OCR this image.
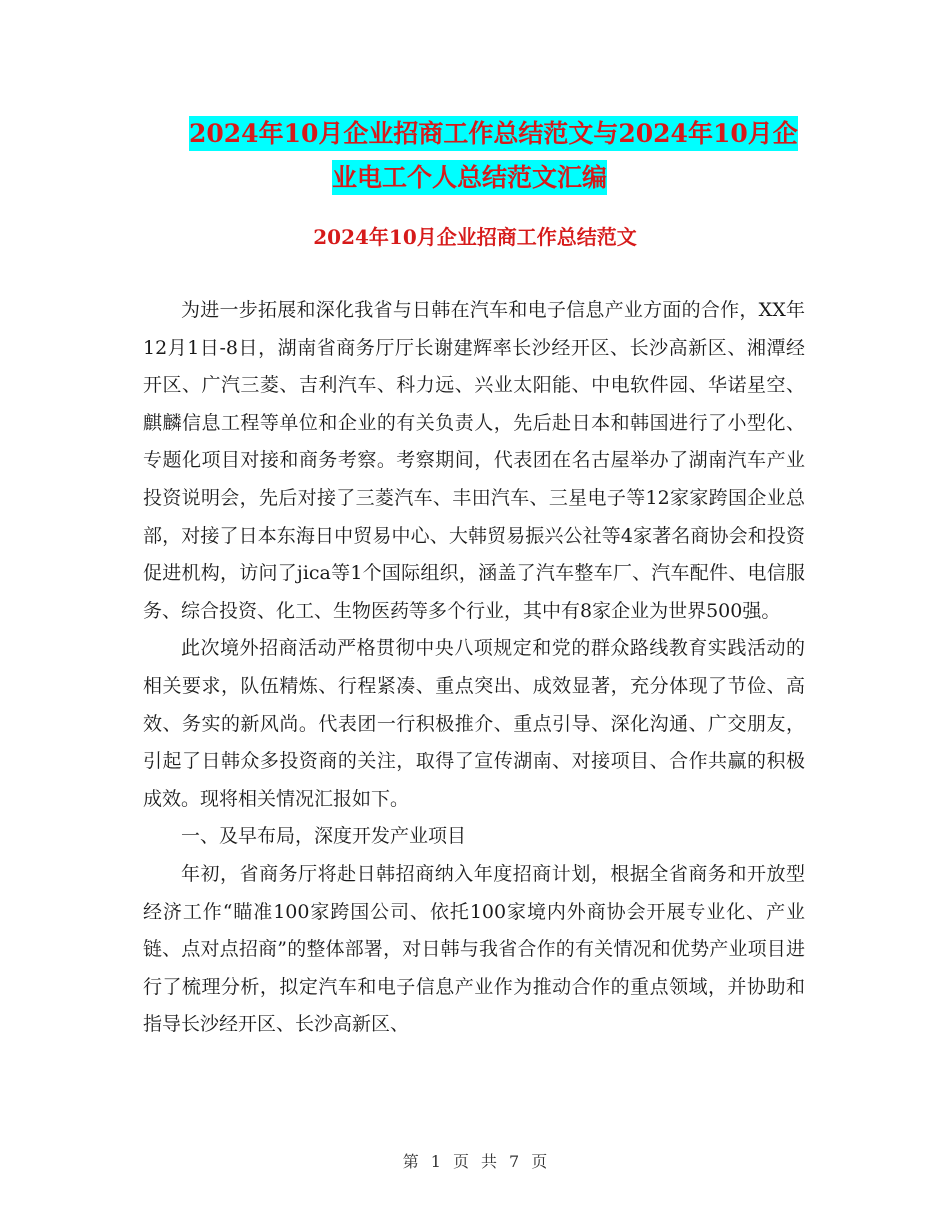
2024年10月企业招商工作总结范文与2024年10月企
业电工个人总结范文汇编
2024年10月企业招商工作总结范文

为进一步拓展和深化我省与日韩在汽车和电子信息产业方面的合作，XX年12月1日-8日，湖南省商务厅厅长谢建辉率长沙经开区、长沙高新区、湘潭经开区、广汽三菱、吉利汽车、科力远、兴业太阳能、中电软件园、华诺星空、麒麟信息工程等单位和企业的有关负责人，先后赴日本和韩国进行了小型化、专题化项目对接和商务考察。考察期间，代表团在名古屋举办了湖南汽车产业投资说明会，先后对接了三菱汽车、丰田汽车、三星电子等12家家跨国企业总部，对接了日本东海日中贸易中心、大韩贸易振兴公社等4家著名商协会和投资促进机构，访问了jica等1个国际组织，涵盖了汽车整车厂、汽车配件、电信服务、综合投资、化工、生物医药等多个行业，其中有8家企业为世界500强。

此次境外招商活动严格贯彻中央八项规定和党的群众路线教育实践活动的相关要求，队伍精炼、行程紧凑、重点突出、成效显著，充分体现了节俭、高效、务实的新风尚。代表团一行积极推介、重点引导、深化沟通、广交朋友，引起了日韩众多投资商的关注，取得了宣传湖南、对接项目、合作共赢的积极成效。现将相关情况汇报如下。

一、及早布局，深度开发产业项目

年初，省商务厅将赴日韩招商纳入年度招商计划，根据全省商务和开放型经济工作“瞄准100家跨国公司、依托100家境内外商协会开展专业化、产业链、点对点招商”的整体部署，对日韩与我省合作的有关情况和优势产业项目进行了梳理分析，拟定汽车和电子信息产业作为推动合作的重点领域，并协助和指导长沙经开区、长沙高新区、

第 1 页 共 7 页
